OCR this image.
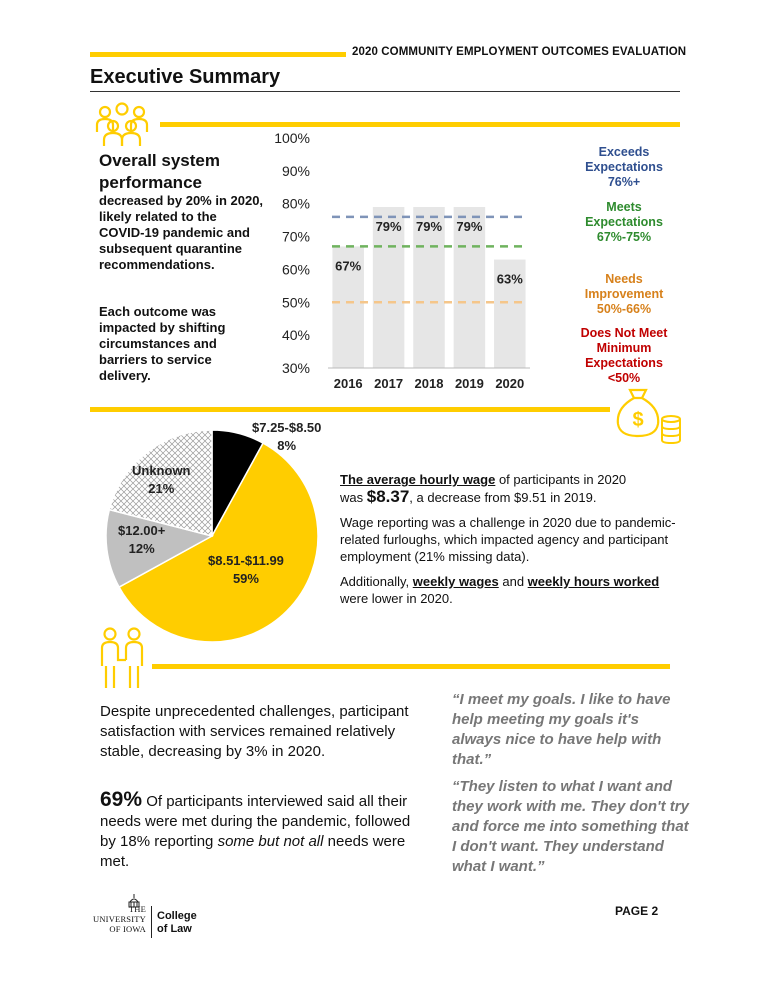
2020 COMMUNITY EMPLOYMENT OUTCOMES EVALUATION
Executive Summary
Overall system performance
decreased by 20% in 2020, likely related to the COVID-19 pandemic and subsequent quarantine recommendations.
Each outcome was impacted by shifting circumstances and barriers to service delivery.
100%
90%
80%
70%
60%
50%
40%
30%
67%
2016
79%
2017
79%
2018
79%
2019
63%
2020
Exceeds
Expectations
76%+
Meets
Expectations
67%-75%
Needs
Improvement
50%-66%
Does Not Meet
Minimum
Expectations
<50%
$
$7.25-$8.50
8%
$8.51-$11.99
59%
$12.00+
12%
Unknown
21%

The average hourly wage of participants in 2020
was $8.37, a decrease from $9.51 in 2019.

Wage reporting was a challenge in 2020 due to pandemic-related furloughs, which impacted agency and participant employment (21% missing data).

Additionally, weekly wages and weekly hours worked were lower in 2020.

Despite unprecedented challenges, participant satisfaction with services remained relatively stable, decreasing by 3% in 2020.
69% Of participants interviewed said all their needs were met during the pandemic, followed by 18% reporting some but not all needs were met.
“I meet my goals. I like to have help meeting my goals it's always nice to have help with that.”
“They listen to what I want and they work with me. They don't try and force me into something that I don't want. They understand what I want.”
PAGE 2
THE
UNIVERSITY
OF IOWA
College
of Law
